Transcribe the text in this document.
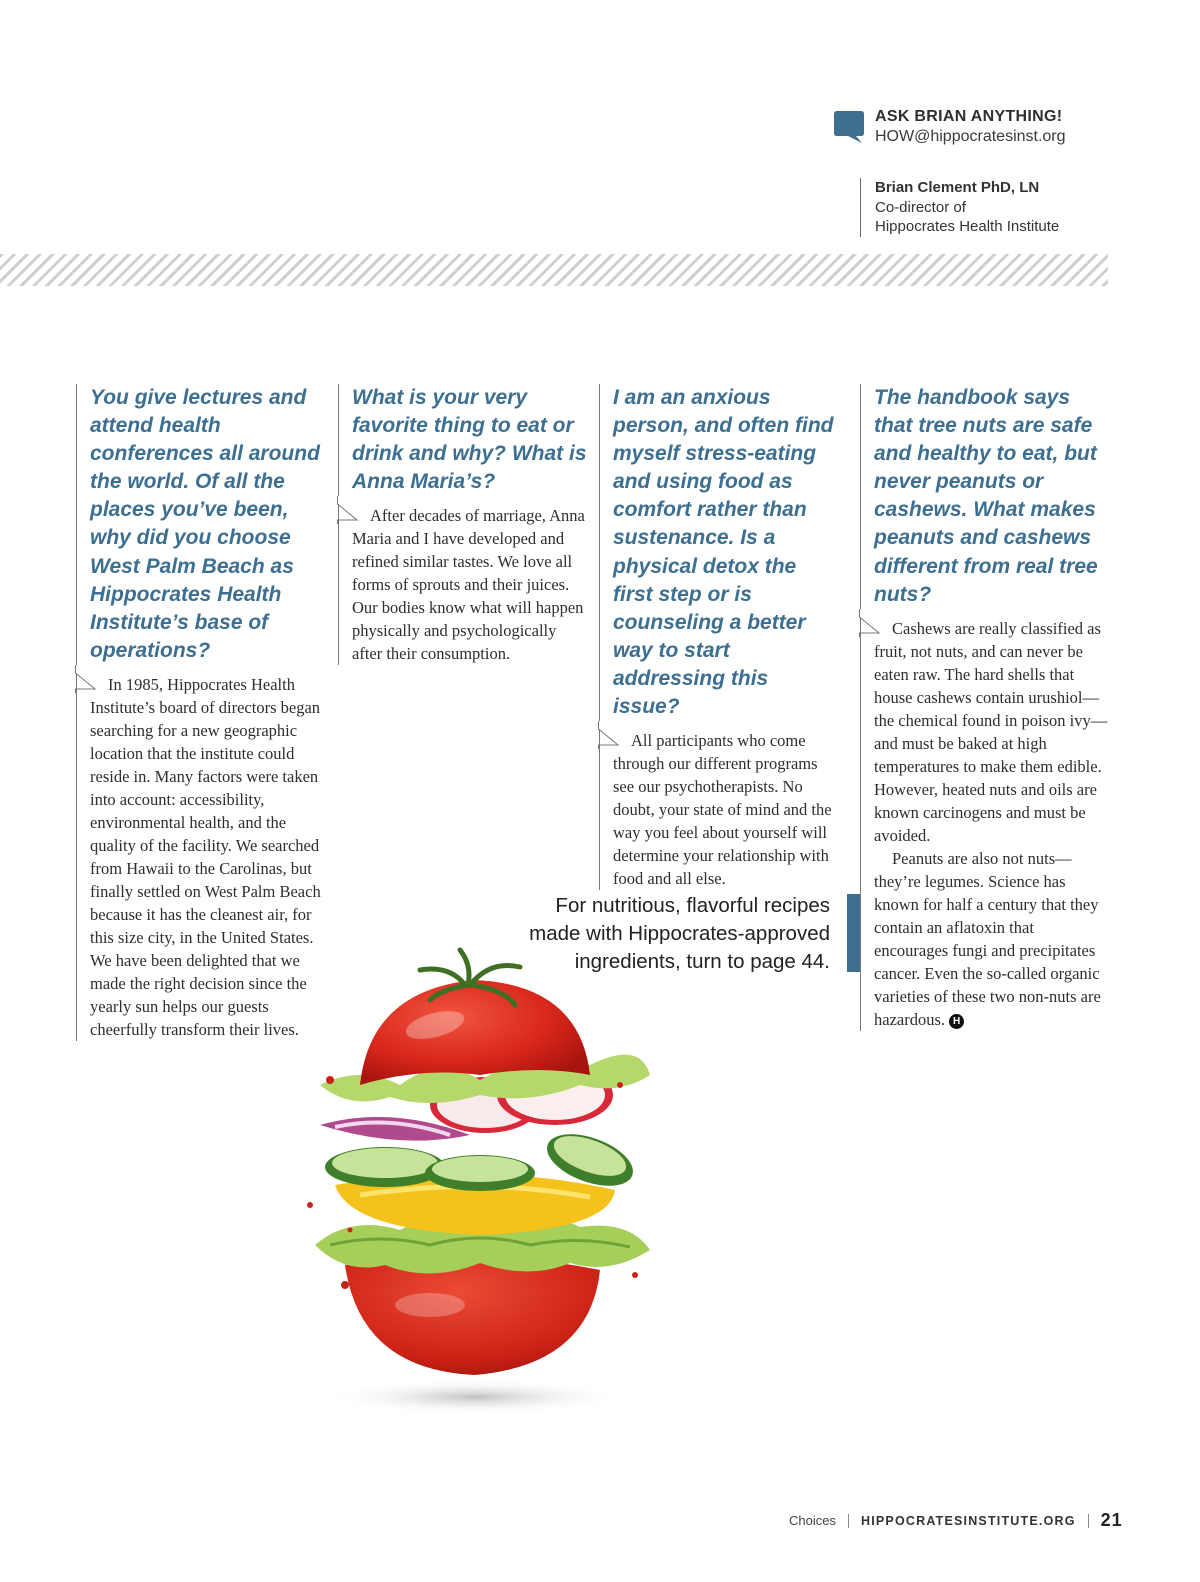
ASK BRIAN ANYTHING!
HOW@hippocratesinst.org
Brian Clement PhD, LN
Co-director of
Hippocrates Health Institute

You give lectures and attend health conferences all around the world. Of all the places you’ve been, why did you choose West Palm Beach as Hippocrates Health Institute’s base of operations?

In 1985, Hippocrates Health Institute’s board of directors began searching for a new geographic location that the institute could reside in. Many factors were taken into account: accessibility, environmental health, and the quality of the facility. We searched from Hawaii to the Carolinas, but finally settled on West Palm Beach because it has the cleanest air, for this size city, in the United States. We have been delighted that we made the right decision since the yearly sun helps our guests cheerfully transform their lives.

What is your very favorite thing to eat or drink and why? What is Anna Maria’s?

After decades of marriage, Anna Maria and I have developed and refined similar tastes. We love all forms of sprouts and their juices. Our bodies know what will happen physically and psychologically after their consumption.

I am an anxious person, and often find myself stress-eating and using food as comfort rather than sustenance. Is a physical detox the first step or is counseling a better way to start addressing this issue?

All participants who come through our different programs see our psychotherapists. No doubt, your state of mind and the way you feel about yourself will determine your relationship with food and all else.

The handbook says that tree nuts are safe and healthy to eat, but never peanuts or cashews. What makes peanuts and cashews different from real tree nuts?

Cashews are really classified as fruit, not nuts, and can never be eaten raw. The hard shells that house cashews contain urushiol—the chemical found in poison ivy—and must be baked at high temperatures to make them edible. However, heated nuts and oils are known carcinogens and must be avoided.

Peanuts are also not nuts—they’re legumes. Science has known for half a century that they contain an aflatoxin that encourages fungi and precipitates cancer. Even the so-called organic varieties of these two non-nuts are hazardous. H

For nutritious, flavorful recipes
made with Hippocrates-approved
ingredients, turn to page 44.
Choices HIPPOCRATESINSTITUTE.ORG 21
